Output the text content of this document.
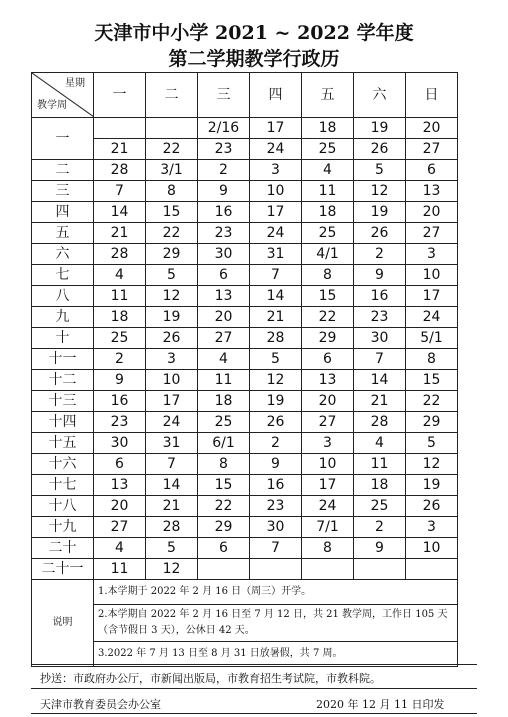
天津市中小学 2021 ~ 2022 学年度
第二学期教学行政历
星期
教学周	一	二	三	四	五	六	日
一			2/16	17	18	19	20
	21	22	23	24	25	26	27
二	28	3/1	2	3	4	5	6
三	7	8	9	10	11	12	13
四	14	15	16	17	18	19	20
五	21	22	23	24	25	26	27
六	28	29	30	31	4/1	2	3
七	4	5	6	7	8	9	10
八	11	12	13	14	15	16	17
九	18	19	20	21	22	23	24
十	25	26	27	28	29	30	5/1
十一	2	3	4	5	6	7	8
十二	9	10	11	12	13	14	15
十三	16	17	18	19	20	21	22
十四	23	24	25	26	27	28	29
十五	30	31	6/1	2	3	4	5
十六	6	7	8	9	10	11	12
十七	13	14	15	16	17	18	19
十八	20	21	22	23	24	25	26
十九	27	28	29	30	7/1	2	3
二十	4	5	6	7	8	9	10
二十一	11	12					
说明	1.本学期于 2022 年 2 月 16 日（周三）开学。						
	2.本学期自 2022 年 2 月 16 日至 7 月 12 日，共 21 教学周，工作日 105 天（含节假日 3 天），公休日 42 天。						
	3.2022 年 7 月 13 日至 8 月 31 日放暑假，共 7 周。						
抄送：市政府办公厅，市新闻出版局，市教育招生考试院，市教科院。
天津市教育委员会办公室	2020 年 12 月 11 日印发
